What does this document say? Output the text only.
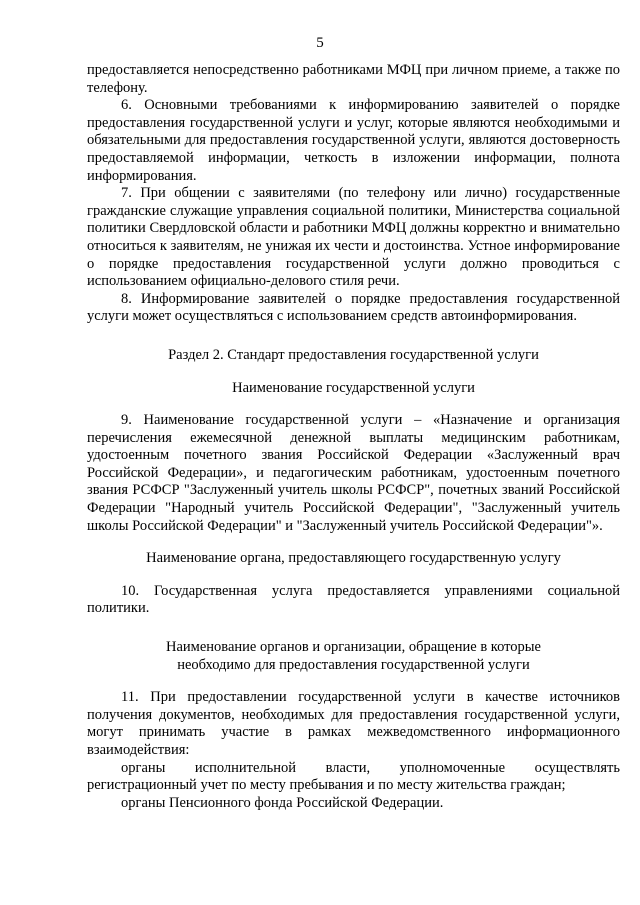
5

предоставляется непосредственно работниками МФЦ при личном приеме, а также по телефону.

6. Основными требованиями к информированию заявителей о порядке предоставления государственной услуги и услуг, которые являются необходимыми и обязательными для предоставления государственной услуги, являются достоверность предоставляемой информации, четкость в изложении информации, полнота информирования.

7. При общении с заявителями (по телефону или лично) государственные гражданские служащие управления социальной политики, Министерства социальной политики Свердловской области и работники МФЦ должны корректно и внимательно относиться к заявителям, не унижая их чести и достоинства. Устное информирование о порядке предоставления государственной услуги должно проводиться с использованием официально-делового стиля речи.

8. Информирование заявителей о порядке предоставления государственной услуги может осуществляться с использованием средств автоинформирования.

Раздел 2. Стандарт предоставления государственной услуги

Наименование государственной услуги

9. Наименование государственной услуги – «Назначение и организация перечисления ежемесячной денежной выплаты медицинским работникам, удостоенным почетного звания Российской Федерации «Заслуженный врач Российской Федерации», и педагогическим работникам, удостоенным почетного звания РСФСР "Заслуженный учитель школы РСФСР", почетных званий Российской Федерации "Народный учитель Российской Федерации", "Заслуженный учитель школы Российской Федерации" и "Заслуженный учитель Российской Федерации"».

Наименование органа, предоставляющего государственную услугу

10. Государственная услуга предоставляется управлениями социальной политики.

Наименование органов и организации, обращение в которые

необходимо для предоставления государственной услуги

11. При предоставлении государственной услуги в качестве источников получения документов, необходимых для предоставления государственной услуги, могут принимать участие в рамках межведомственного информационного взаимодействия:

органы исполнительной власти, уполномоченные осуществлять регистрационный учет по месту пребывания и по месту жительства граждан;

органы Пенсионного фонда Российской Федерации.
